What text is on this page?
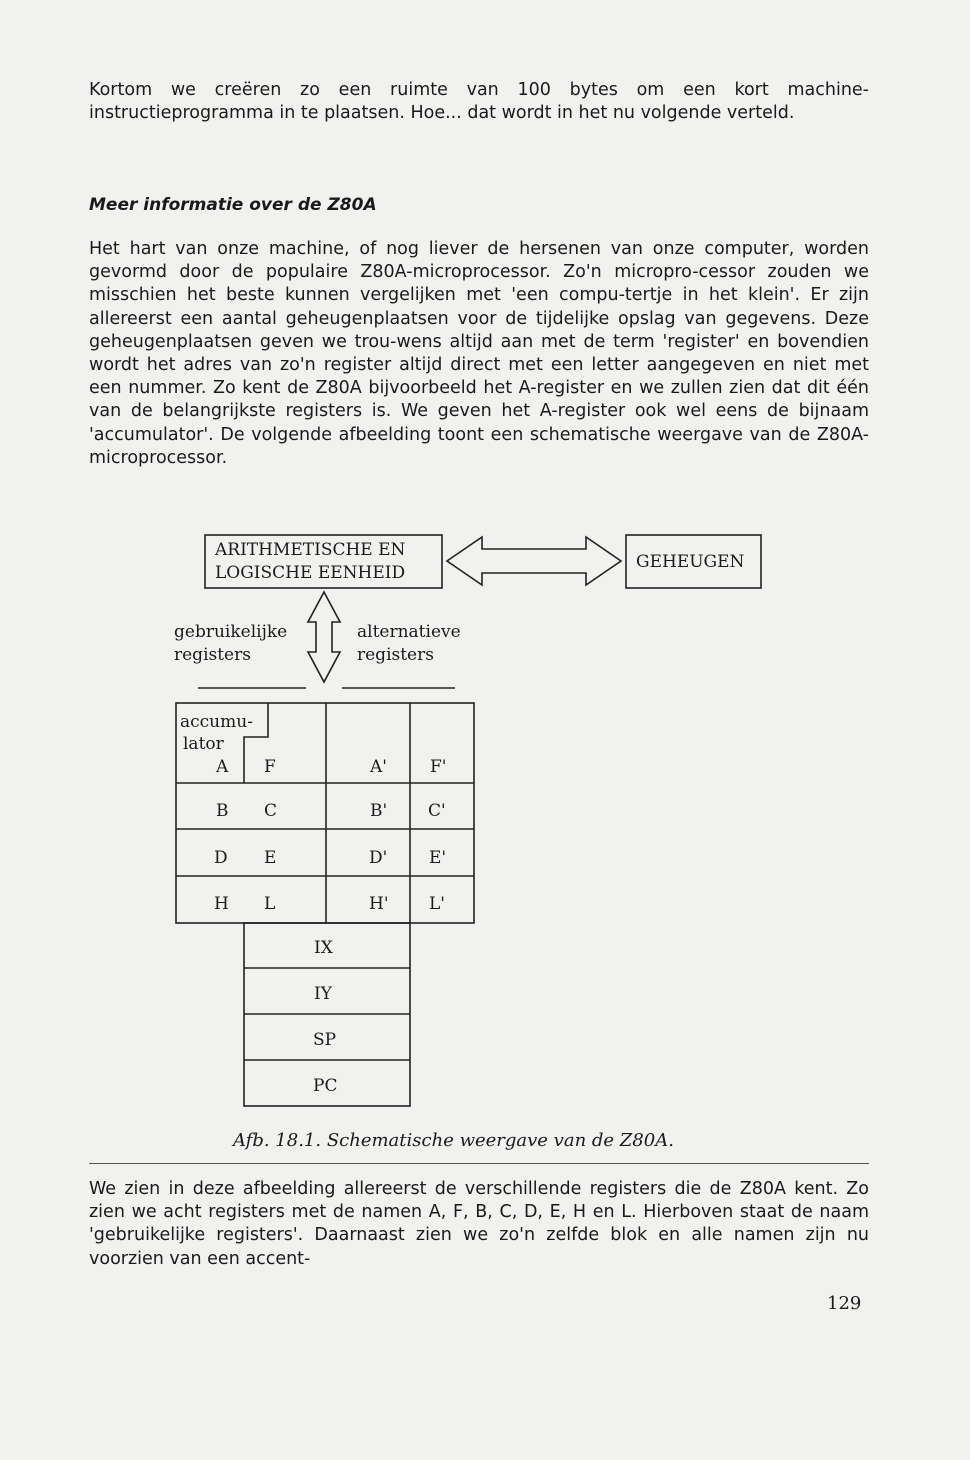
Kortom we creëren zo een ruimte van 100 bytes om een kort machine-instructieprogramma in te plaatsen. Hoe... dat wordt in het nu volgende verteld.

Meer informatie over de Z80A

Het hart van onze machine, of nog liever de hersenen van onze computer, worden gevormd door de populaire Z80A-microprocessor. Zo'n micropro-cessor zouden we misschien het beste kunnen vergelijken met 'een compu-tertje in het klein'. Er zijn allereerst een aantal geheugenplaatsen voor de tijdelijke opslag van gegevens. Deze geheugenplaatsen geven we trou-wens altijd aan met de term 'register' en bovendien wordt het adres van zo'n register altijd direct met een letter aangegeven en niet met een nummer. Zo kent de Z80A bijvoorbeeld het A-register en we zullen zien dat dit één van de belangrijkste registers is. We geven het A-register ook wel eens de bijnaam 'accumulator'. De volgende afbeelding toont een schematische weergave van de Z80A-microprocessor.

ARITHMETISCHE EN
LOGISCHE EENHEID
GEHEUGEN
gebruikelijke
registers
alternatieve
registers
accumu-
lator
A F
B C
D E
H L
A'	F'
B' C'
D' E'
H' L'
IX
IY
SP
PC

Afb. 18.1. Schematische weergave van de Z80A.

We zien in deze afbeelding allereerst de verschillende registers die de Z80A kent. Zo zien we acht registers met de namen A, F, B, C, D, E, H en L. Hierboven staat de naam 'gebruikelijke registers'. Daarnaast zien we zo'n zelfde blok en alle namen zijn nu voorzien van een accent-

129
